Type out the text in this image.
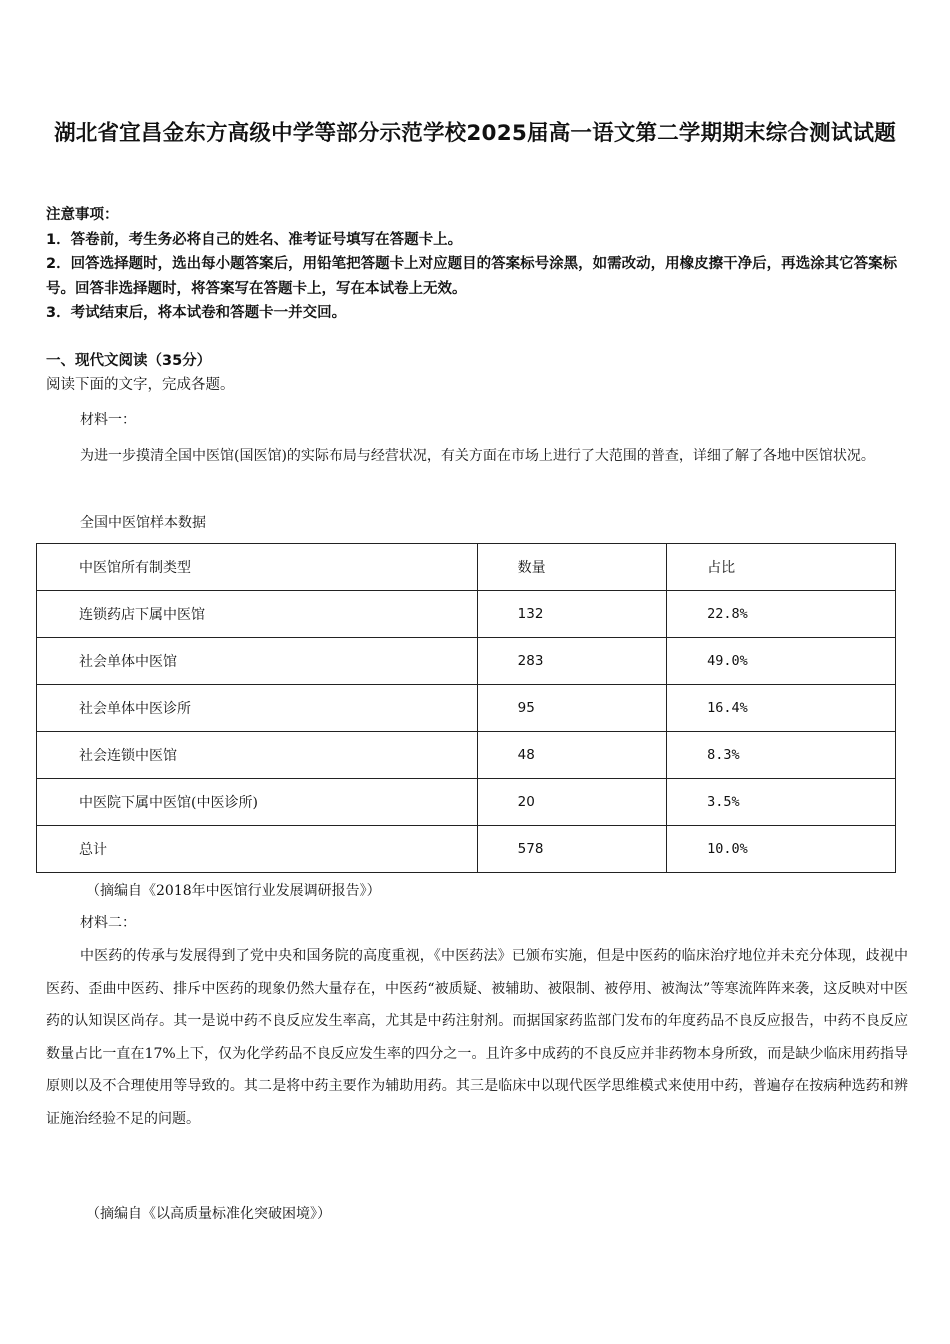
湖北省宜昌金东方高级中学等部分示范学校2025届高一语文第二学期期末综合测试试题

注意事项：

1．答卷前，考生务必将自己的姓名、准考证号填写在答题卡上。

2．回答选择题时，选出每小题答案后，用铅笔把答题卡上对应题目的答案标号涂黑，如需改动，用橡皮擦干净后，再选涂其它答案标号。回答非选择题时，将答案写在答题卡上，写在本试卷上无效。

3．考试结束后，将本试卷和答题卡一并交回。

一、现代文阅读（35分）
阅读下面的文字，完成各题。
材料一：

为进一步摸清全国中医馆(国医馆)的实际布局与经营状况，有关方面在市场上进行了大范围的普查，详细了解了各地中医馆状况。

全国中医馆样本数据
中医馆所有制类型	数量	占比
连锁药店下属中医馆	132	22.8%
社会单体中医馆	283	49.0%
社会单体中医诊所	95	16.4%
社会连锁中医馆	48	8.3%
中医院下属中医馆(中医诊所)	20	3.5%
总计	578	10.0%
（摘编自《2018年中医馆行业发展调研报告》）
材料二：

中医药的传承与发展得到了党中央和国务院的高度重视，《中医药法》已颁布实施，但是中医药的临床治疗地位并未充分体现，歧视中医药、歪曲中医药、排斥中医药的现象仍然大量存在，中医药“被质疑、被辅助、被限制、被停用、被淘汰”等寒流阵阵来袭，这反映对中医药的认知误区尚存。其一是说中药不良反应发生率高，尤其是中药注射剂。而据国家药监部门发布的年度药品不良反应报告，中药不良反应数量占比一直在17%上下，仅为化学药品不良反应发生率的四分之一。且许多中成药的不良反应并非药物本身所致，而是缺少临床用药指导原则以及不合理使用等导致的。其二是将中药主要作为辅助用药。其三是临床中以现代医学思维模式来使用中药，普遍存在按病种选药和辨证施治经验不足的问题。

（摘编自《以高质量标准化突破困境》）
